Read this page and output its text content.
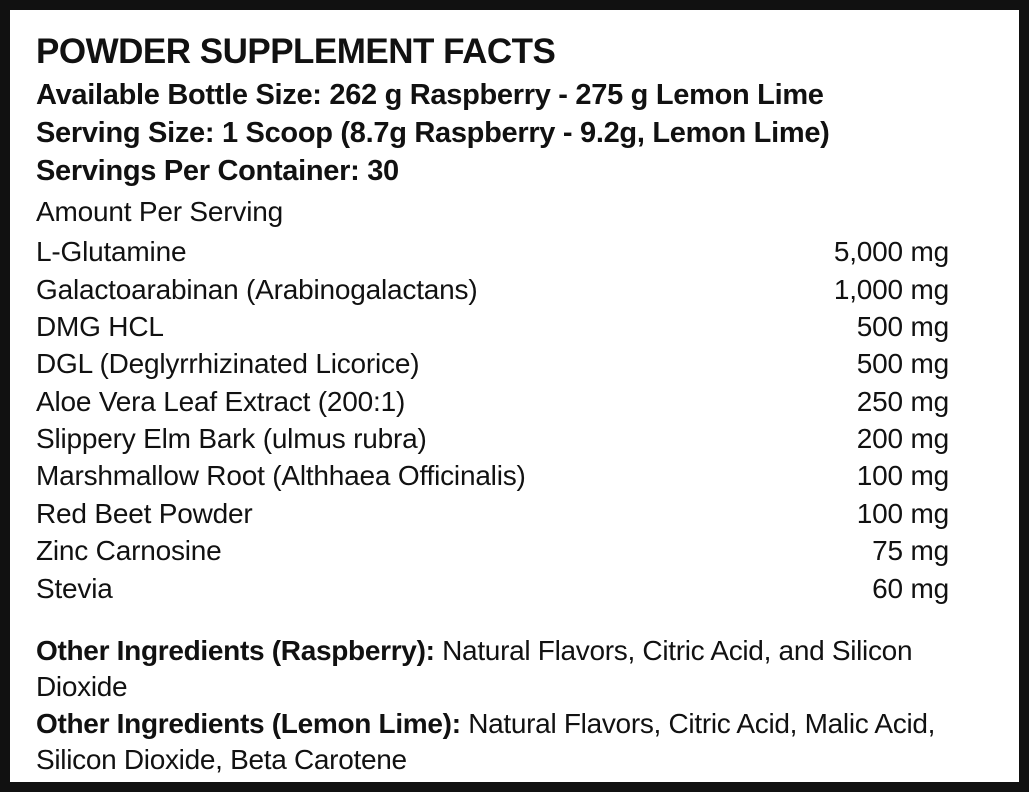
POWDER SUPPLEMENT FACTS
Available Bottle Size: 262 g Raspberry - 275 g Lemon Lime
Serving Size: 1 Scoop (8.7g Raspberry - 9.2g, Lemon Lime)
Servings Per Container: 30
Amount Per Serving
L-Glutamine	5,000 mg
Galactoarabinan (Arabinogalactans)	1,000 mg
DMG HCL	500 mg
DGL (Deglyrrhizinated Licorice)	500 mg
Aloe Vera Leaf Extract (200:1)	250 mg
Slippery Elm Bark (ulmus rubra)	200 mg
Marshmallow Root (Althhaea Officinalis)	100 mg
Red Beet Powder	100 mg
Zinc Carnosine	75 mg
Stevia	60 mg

Other Ingredients (Raspberry): Natural Flavors, Citric Acid, and Silicon Dioxide

Other Ingredients (Lemon Lime): Natural Flavors, Citric Acid, Malic Acid, Silicon Dioxide, Beta Carotene
